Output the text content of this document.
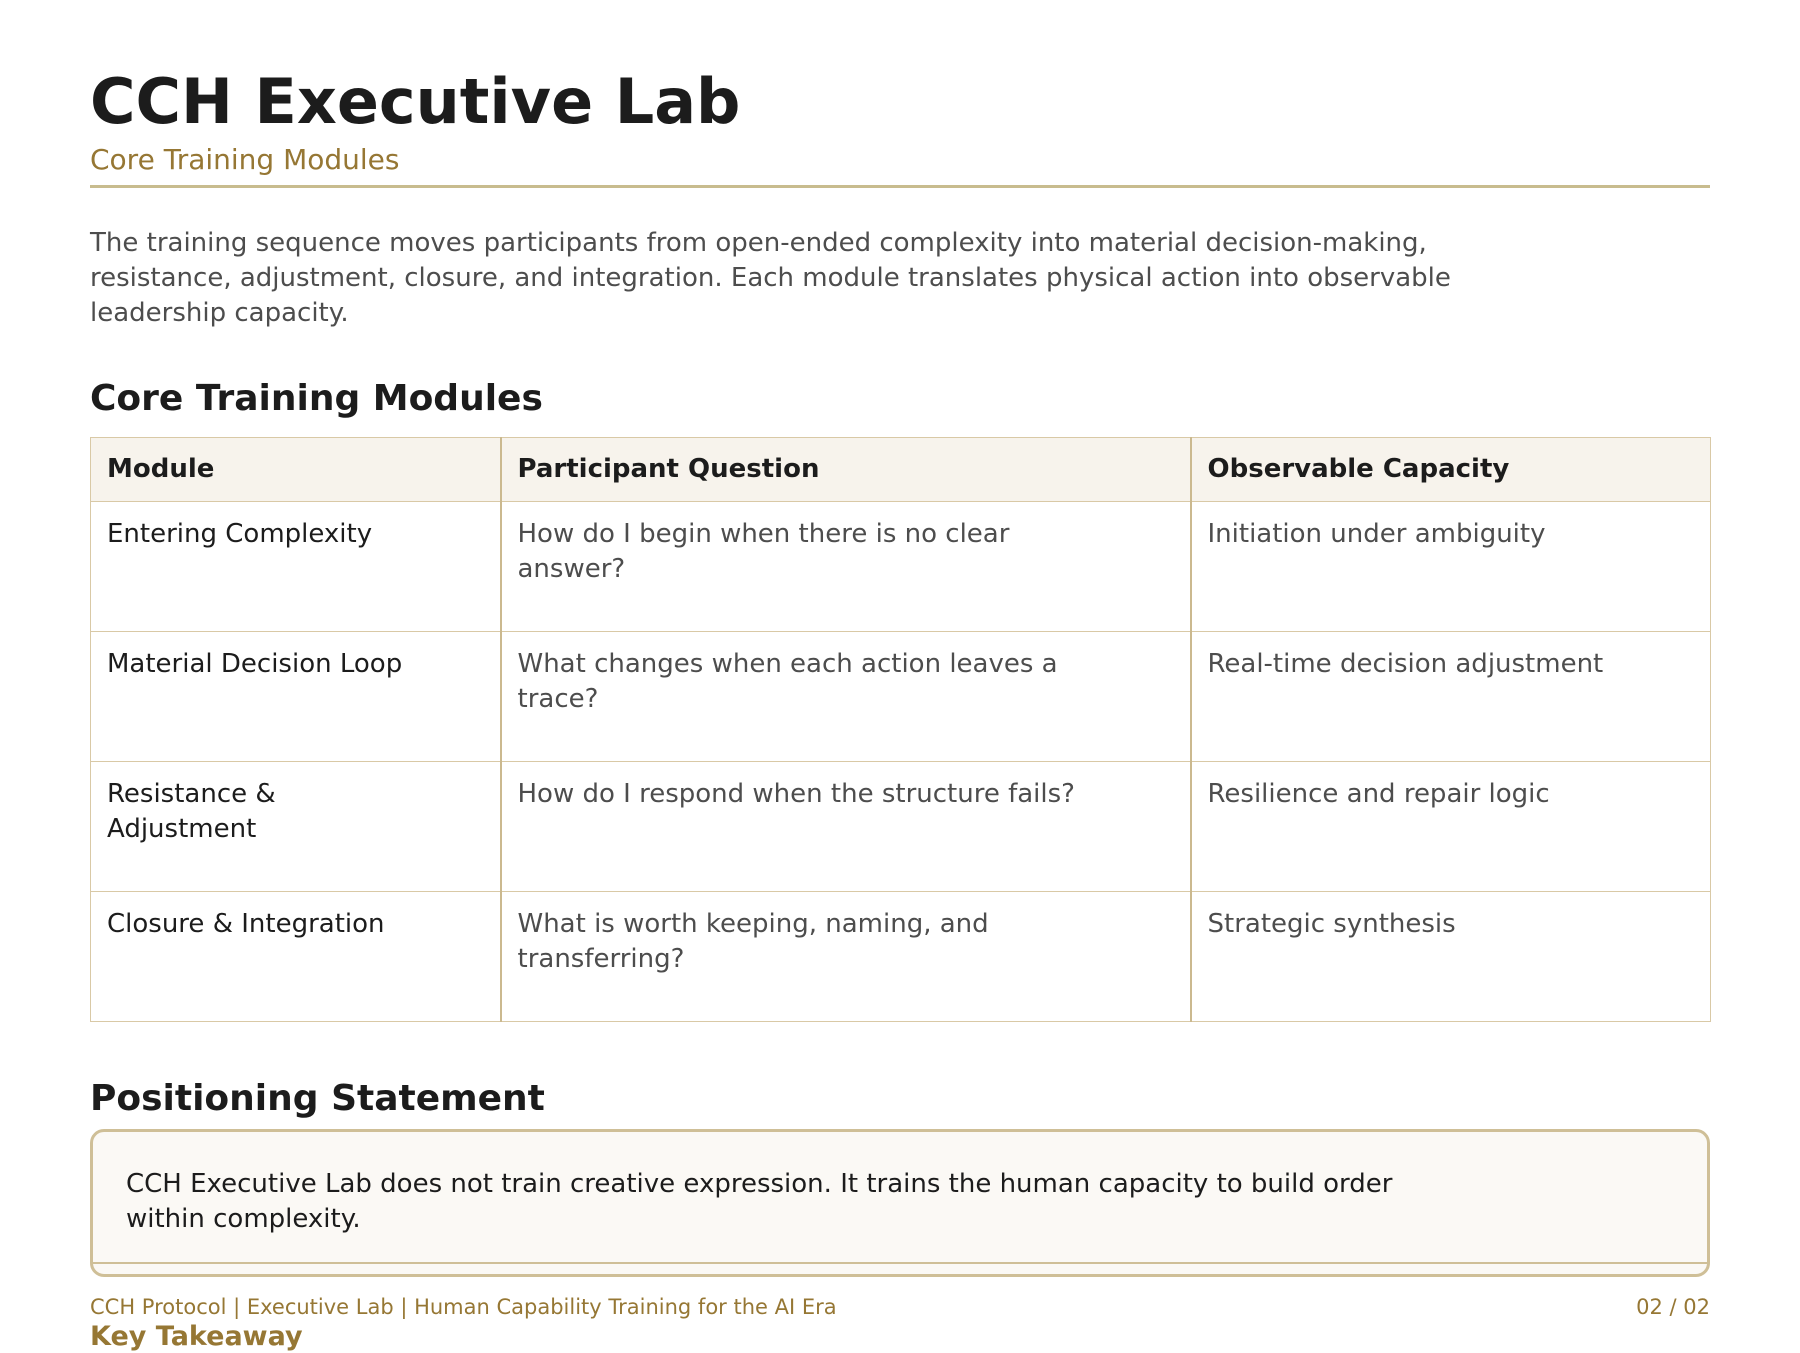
CCH Executive Lab
Core Training Modules

The training sequence moves participants from open-ended complexity into material decision-making, resistance, adjustment, closure, and integration. Each module translates physical action into observable leadership capacity.

Core Training Modules
Module	Participant Question	Observable Capacity

Entering Complexity	How do I begin when there is no clear answer?	Initiation under ambiguity

Material Decision Loop	What changes when each action leaves a trace?	Real-time decision adjustment

Resistance & Adjustment	How do I respond when the structure fails?	Resilience and repair logic

Closure & Integration	What is worth keeping, naming, and transferring?	Strategic synthesis
Positioning Statement

CCH Executive Lab does not train creative expression. It trains the human capacity to build order within complexity.

CCH Protocol | Executive Lab | Human Capability Training for the AI Era	02 / 02
Key Takeaway
